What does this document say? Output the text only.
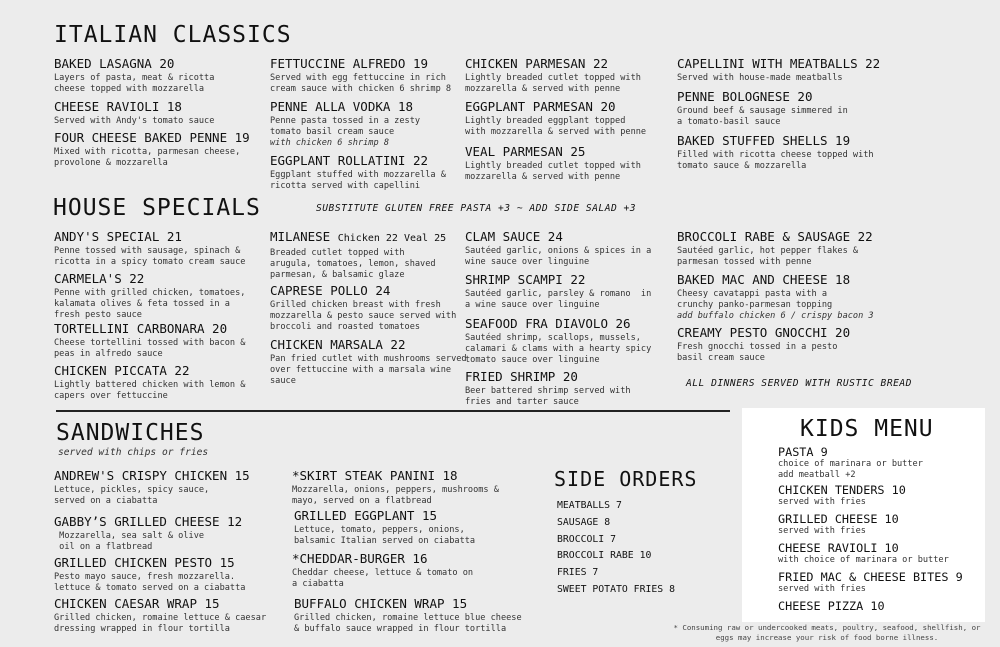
ITALIAN CLASSICS
BAKED LASAGNA 20
Layers of pasta, meat & ricotta
cheese topped with mozzarella
CHEESE RAVIOLI 18
Served with Andy's tomato sauce
FOUR CHEESE BAKED PENNE 19
Mixed with ricotta, parmesan cheese,
provolone & mozzarella
FETTUCCINE ALFREDO 19
Served with egg fettuccine in rich
cream sauce with chicken 6 shrimp 8
PENNE ALLA VODKA 18
Penne pasta tossed in a zesty
tomato basil cream sauce
with chicken 6 shrimp 8
EGGPLANT ROLLATINI 22
Eggplant stuffed with mozzarella &
ricotta served with capellini
CHICKEN PARMESAN 22
Lightly breaded cutlet topped with
mozzarella & served with penne
EGGPLANT PARMESAN 20
Lightly breaded eggplant topped
with mozzarella & served with penne
VEAL PARMESAN 25
Lightly breaded cutlet topped with
mozzarella & served with penne
CAPELLINI WITH MEATBALLS 22
Served with house-made meatballs
PENNE BOLOGNESE 20
Ground beef & sausage simmered in
a tomato-basil sauce
BAKED STUFFED SHELLS 19
Filled with ricotta cheese topped with
tomato sauce & mozzarella
HOUSE SPECIALS	SUBSTITUTE GLUTEN FREE PASTA +3 ~ ADD SIDE SALAD +3
ANDY'S SPECIAL 21
Penne tossed with sausage, spinach &
ricotta in a spicy tomato cream sauce
CARMELA'S 22
Penne with grilled chicken, tomatoes,
kalamata olives & feta tossed in a
fresh pesto sauce
TORTELLINI CARBONARA 20
Cheese tortellini tossed with bacon &
peas in alfredo sauce
CHICKEN PICCATA 22
Lightly battered chicken with lemon &
capers over fettuccine
MILANESE Chicken 22 Veal 25
Breaded cutlet topped with
arugula, tomatoes, lemon, shaved
parmesan, & balsamic glaze
CAPRESE POLLO 24
Grilled chicken breast with fresh
mozzarella & pesto sauce served with
broccoli and roasted tomatoes
CHICKEN MARSALA 22
Pan fried cutlet with mushrooms served
over fettuccine with a marsala wine
sauce
CLAM SAUCE 24
Sautéed garlic, onions & spices in a
wine sauce over linguine
SHRIMP SCAMPI 22
Sautéed garlic, parsley & romano  in
a wine sauce over linguine
SEAFOOD FRA DIAVOLO 26
Sautéed shrimp, scallops, mussels,
calamari & clams with a hearty spicy
tomato sauce over linguine
FRIED SHRIMP 20
Beer battered shrimp served with
fries and tarter sauce
BROCCOLI RABE & SAUSAGE 22
Sautéed garlic, hot pepper flakes &
parmesan tossed with penne
BAKED MAC AND CHEESE 18
Cheesy cavatappi pasta with a
crunchy panko-parmesan topping
add buffalo chicken 6 / crispy bacon 3
CREAMY PESTO GNOCCHI 20
Fresh gnocchi tossed in a pesto
basil cream sauce
ALL DINNERS SERVED WITH RUSTIC BREAD
SANDWICHES
served with chips or fries
ANDREW'S CRISPY CHICKEN 15
Lettuce, pickles, spicy sauce,
served on a ciabatta
GABBY’S GRILLED CHEESE 12
Mozzarella, sea salt & olive
oil on a flatbread
GRILLED CHICKEN PESTO 15
Pesto mayo sauce, fresh mozzarella.
lettuce & tomato served on a ciabatta
CHICKEN CAESAR WRAP 15
Grilled chicken, romaine lettuce & caesar
dressing wrapped in flour tortilla
*SKIRT STEAK PANINI 18
Mozzarella, onions, peppers, mushrooms &
mayo, served on a flatbread
GRILLED EGGPLANT 15
Lettuce, tomato, peppers, onions,
balsamic Italian served on ciabatta
*CHEDDAR-BURGER 16
Cheddar cheese, lettuce & tomato on
a ciabatta
BUFFALO CHICKEN WRAP 15
Grilled chicken, romaine lettuce blue cheese
& buffalo sauce wrapped in flour tortilla
SIDE ORDERS
MEATBALLS 7
SAUSAGE 8
BROCCOLI 7
BROCCOLI RABE 10
FRIES 7
SWEET POTATO FRIES 8
KIDS MENU
PASTA 9
choice of marinara or butter
add meatball +2
CHICKEN TENDERS 10
served with fries
GRILLED CHEESE 10
served with fries
CHEESE RAVIOLI 10
with choice of marinara or butter
FRIED MAC & CHEESE BITES 9
served with fries
CHEESE PIZZA 10
* Consuming raw or undercooked meats, poultry, seafood, shellfish, or
eggs may increase your risk of food borne illness.
